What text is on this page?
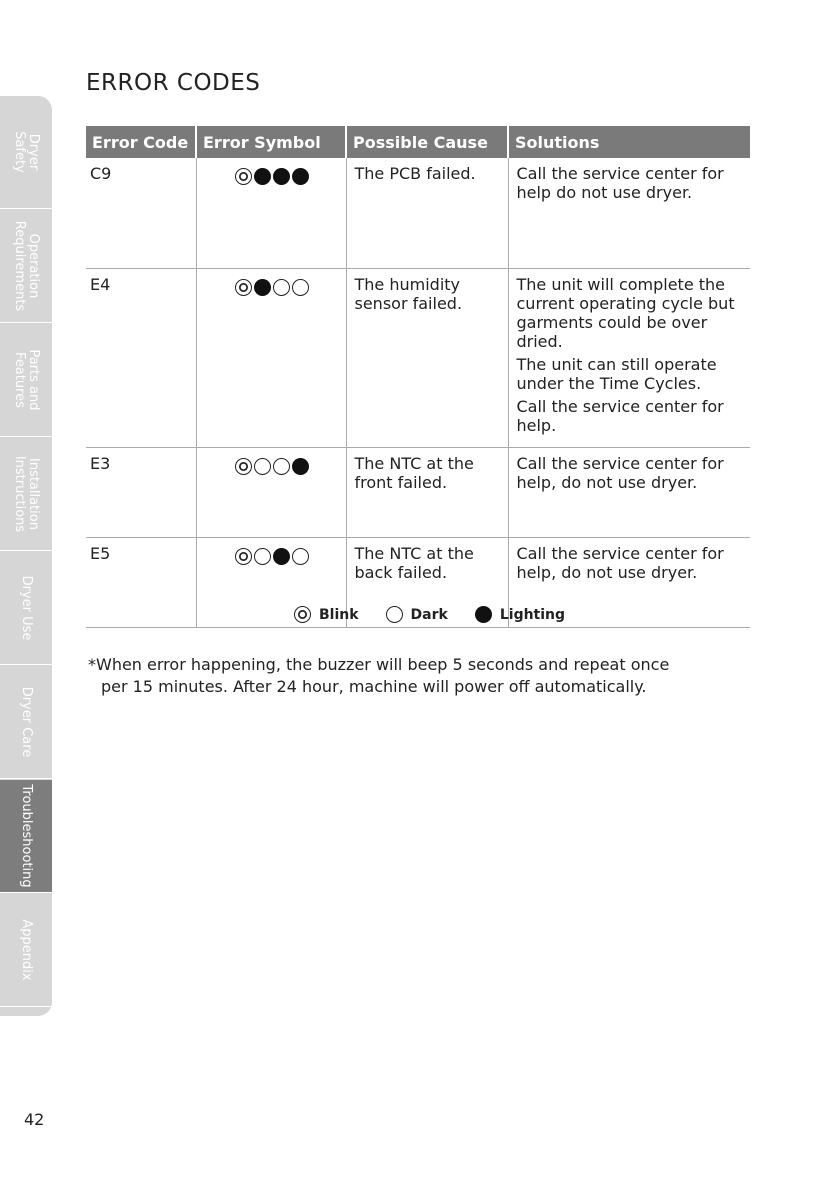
Dryer
Safety
Operation
Requirements
Parts and
Features
Installation
Instructions
Dryer Use
Dryer Care
Troubleshooting
Appendix
ERROR CODES
Error Code	Error Symbol	Possible Cause	Solutions
C9		The PCB failed.	Call the service center for help do not use dryer.

E4		The humidity sensor failed.	The unit will complete the current operating cycle but garments could be over dried.

The unit can still operate under the Time Cycles.

Call the service center for help.

E3		The NTC at the front failed.	Call the service center for help, do not use dryer.

E5		The NTC at the back failed.	Call the service center for help, do not use dryer.

Blink	Dark	Lighting

*When error happening, the buzzer will beep 5 seconds and repeat once
per 15 minutes. After 24 hour, machine will power off automatically.

42
